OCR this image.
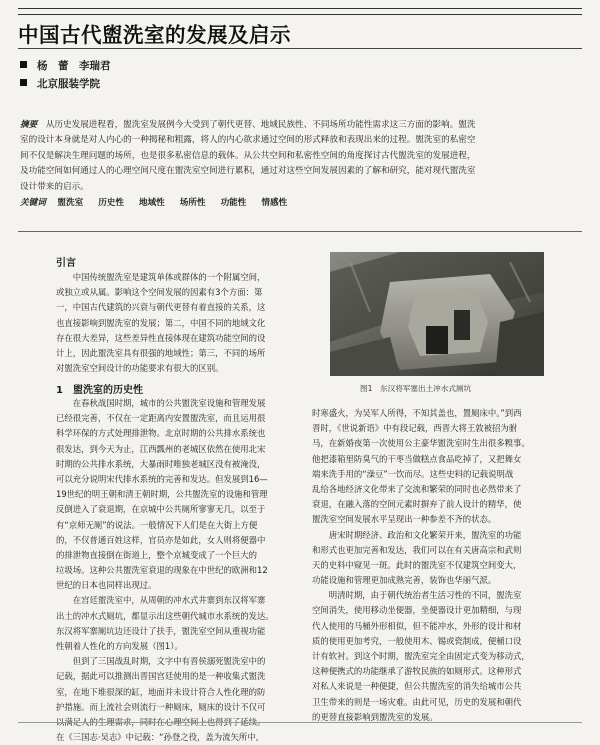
中国古代盥洗室的发展及启示
杨　蕾　李瑞君
北京服装学院
摘要　 从历史发展进程看，盥洗室发展例今大受到了朝代更替、地域民族性、不同场所功能性需求这三方面的影响。盥洗
室的设计本身就是对人内心的一种揭秘和粗露，将人的内心欲求通过空间的形式释放和表现出来的过程。盥洗室的私密空
间不仅是解决生理问题的场所，也是很多私密信息的载体。从公共空间和私密性空间的角度探讨古代盥洗室的发展进程，
及功能空间如何通过人的心理空间尺度在盥洗室空间进行累积，通过对这些空间发展因素的了解和研究，能对现代盥洗室
设计带来的启示。
关键词　 盥洗室 历史性 地域性 场所性 功能性 情感性
引言
中国传统盥洗室是建筑单体或群体的一个附属空间，
或独立或从属。影响这个空间发展的因素有3个方面：第
一，中国古代建筑的兴衰与朝代更替有着直接的关系，这
也直接影响到盥洗室的发展；第二，中国不同的地域文化
存在很大差异，这些差异性直接体现在建筑功能空间的设
计上，因此盥洗室具有很强的地域性；第三，不同的场所
对盥洗室空间设计的功能要求有很大的区别。
1　盥洗室的历史性
在春秋战国时期，城市的公共盥洗室设施和管理发展
已经很完善，不仅在一定距离内安置盥洗室，而且运用很
科学环保的方式处理排泄物。北京时期的公共排水系统也
很发达，到今天为止，江西瓢州的老城区依然在使用北宋
时期的公共排水系统，大暴雨时唯独老城区没有被淹没，
可以充分说明宋代排水系统的完善和发达。但发展到16—
19世纪的明王朝和清王朝时期，公共盥洗室的设施和管理
反倒进入了衰退期，在京城中公共厕所寥寥无几，以至于
有“京师无厕”的说法。一般情况下人们是在大街上方便
的，不仅普通百姓这样，官员亦是如此，女人则将便器中
的排泄物直接倒在街道上，整个京城变成了一个巨大的
垃圾场。这种公共盥洗室衰退的现象在中世纪的欧洲和12
世纪的日本也同样出现过。
在宫廷盥洗室中，从周朝的冲水式井寨到东汉将军寨
出土的冲水式厕坑，都显示出这些朝代城市水系统的发达。
东汉将军寨厕坑边还设计了扶手，盥洗室空间从重视功能
性朝着人性化的方向发展（图1）。
但到了三国战乱时期，文字中有晋侯溺死盥洗室中的
记载，据此可以推测出晋国宫廷使用的是一种收集式盥洗
室，在地下堆很深的缸，地面并未设计符合人性化理的防
护措施。而上流社会则流行一种厕床，厕床的设计不仅可
以满足人的生理需求，同时在心理空间上也得到了延续。
在《三国志·吴志》中记载：“孙登之役，盖为流矢所中，
图1　东汉将军塞出土冲水式厕坑
时寒盛火，为吴军人所得，不知其盖也，置厕床中。”到西
晋时，《世说新语》中有段记载，西晋大将王敦被招为驸
马，在新婚夜第一次使用公主豪华盥洗室时生出很多糗事。
他把漆箱里防臭气的干枣当做糕点食品吃掉了，又把舞女
端来洗手用的“澡豆”一饮而尽。这些史料的记载说明战
乱给各地经济文化带来了交流和繁荣的同时也必然带来了
衰退，在融入落的空间元素时摒弃了前人设计的精华，使
盥洗室空间发展水平呈现出一种参差不齐的状态。
唐宋时期经济、政治和文化繁荣开来，盥洗室的功能
和形式也更加完善和发达，我们可以在有关唐高宗和武则
天的史料中窥见一斑。此时的盥洗室不仅建筑空间变大，
功能设施和管理更加成熟完善，装饰也华丽气派。
明清时期，由于朝代统治者生活习性的不同，盥洗室
空间消失，使用移动坐便器，坐便器设计更加精细，与现
代人使用的马桶外形相似，但不能冲水，外形的设计和材
质的使用更加考究，一般使用木、锡或瓷制成，便桶口设
计有软衬。到这个时期，盥洗室完全由固定式变为移动式，
这种便携式的功能继承了游牧民族的如厕形式。这种形式
对私人来说是一种便捷，但公共盥洗室的消失给城市公共
卫生带来的则是一场灾难。由此可见，历史的发展和朝代
的更替直接影响到盥洗室的发展。
